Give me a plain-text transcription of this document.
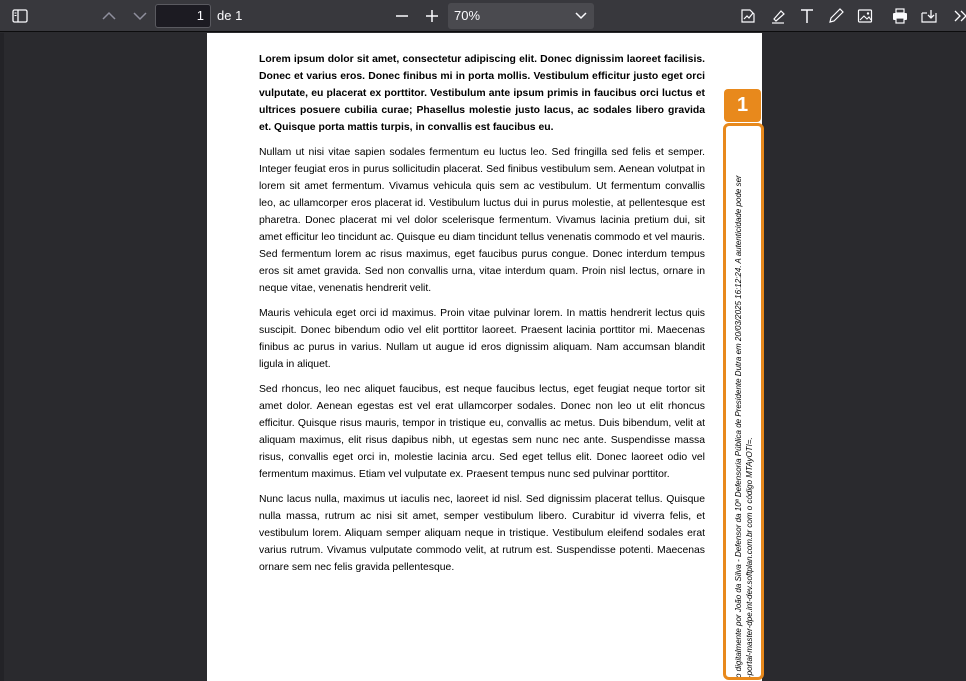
1	de 1	70%

Lorem ipsum dolor sit amet, consectetur adipiscing elit. Donec dignissim laoreet facilisis. Donec et varius eros. Donec finibus mi in porta mollis. Vestibulum efficitur justo eget orci vulputate, eu placerat ex porttitor. Vestibulum ante ipsum primis in faucibus orci luctus et ultrices posuere cubilia curae; Phasellus molestie justo lacus, ac sodales libero gravida et. Quisque porta mattis turpis, in convallis est faucibus eu.

Nullam ut nisi vitae sapien sodales fermentum eu luctus leo. Sed fringilla sed felis et semper. Integer feugiat eros in purus sollicitudin placerat. Sed finibus vestibulum sem. Aenean volutpat in lorem sit amet fermentum. Vivamus vehicula quis sem ac vestibulum. Ut fermentum convallis leo, ac ullamcorper eros placerat id. Vestibulum luctus dui in purus molestie, at pellentesque est pharetra. Donec placerat mi vel dolor scelerisque fermentum. Vivamus lacinia pretium dui, sit amet efficitur leo tincidunt ac. Quisque eu diam tincidunt tellus venenatis commodo et vel mauris. Sed fermentum lorem ac risus maximus, eget faucibus purus congue. Donec interdum tempus eros sit amet gravida. Sed non convallis urna, vitae interdum quam. Proin nisl lectus, ornare in neque vitae, venenatis hendrerit velit.

Mauris vehicula eget orci id maximus. Proin vitae pulvinar lorem. In mattis hendrerit lectus quis suscipit. Donec bibendum odio vel elit porttitor laoreet. Praesent lacinia porttitor mi. Maecenas finibus ac purus in varius. Nullam ut augue id eros dignissim aliquam. Nam accumsan blandit ligula in aliquet.

Sed rhoncus, leo nec aliquet faucibus, est neque faucibus lectus, eget feugiat neque tortor sit amet dolor. Aenean egestas est vel erat ullamcorper sodales. Donec non leo ut elit rhoncus efficitur. Quisque risus mauris, tempor in tristique eu, convallis ac metus. Duis bibendum, velit at aliquam maximus, elit risus dapibus nibh, ut egestas sem nunc nec ante. Suspendisse massa risus, convallis eget orci in, molestie lacinia arcu. Sed eget tellus elit. Donec laoreet odio vel fermentum maximus. Etiam vel vulputate ex. Praesent tempus nunc sed pulvinar porttitor.

Nunc lacus nulla, maximus ut iaculis nec, laoreet id nisl. Sed dignissim placerat tellus. Quisque nulla massa, rutrum ac nisi sit amet, semper vestibulum libero. Curabitur id viverra felis, et vestibulum lorem. Aliquam semper aliquam neque in tristique. Vestibulum eleifend sodales erat varius rutrum. Vivamus vulputate commodo velit, at rutrum est. Suspendisse potenti. Maecenas ornare sem nec felis gravida pellentesque.

1
o digitalmente por João da Silva - Defensor da 10ª Defensoria Pública de Presidente Dutra em 20/03/2025 16:12:24. A autenticidade pode ser -portal-master-dpe.int-dev.softplan.com.br com o código MTAyOTI=.
